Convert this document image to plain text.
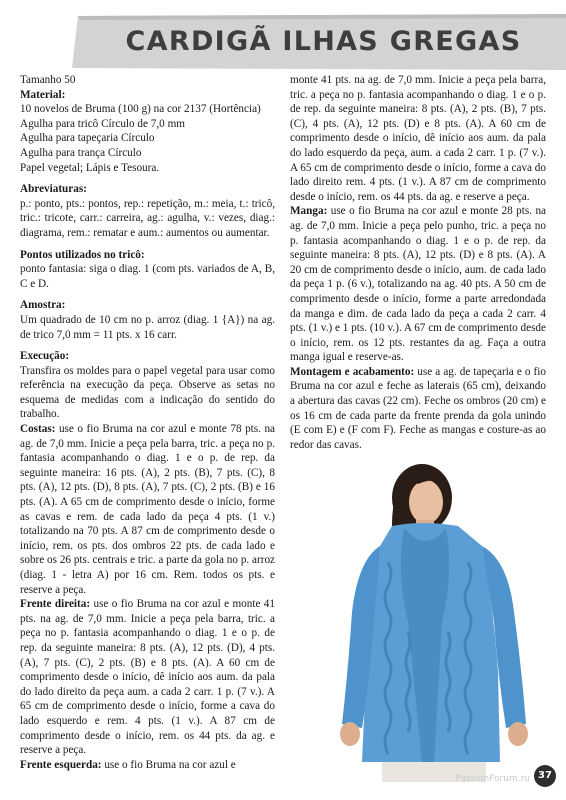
CARDIGÃ ILHAS GREGAS

Tamanho 50

Material:

10 novelos de Bruma (100 g) na cor 2137 (Hortência)

Agulha para tricô Círculo de 7,0 mm

Agulha para tapeçaria Círculo

Agulha para trança Círculo

Papel vegetal; Lápis e Tesoura.

Abreviaturas:

p.: ponto, pts.: pontos, rep.: repetição, m.: meia, t.: tricô, tric.: tricote, carr.: carreira, ag.: agulha, v.: vezes, diag.: diagrama, rem.: rematar e aum.: aumentos ou aumentar.

Pontos utilizados no tricô:

ponto fantasia: siga o diag. 1 (com pts. variados de A, B, C e D.

Amostra:

Um quadrado de 10 cm no p. arroz (diag. 1 {A}) na ag. de trico 7,0 mm = 11 pts. x 16 carr.

Execução:

Transfira os moldes para o papel vegetal para usar como referência na execução da peça. Observe as setas no esquema de medidas com a indicação do sentido do trabalho.

Costas: use o fio Bruma na cor azul e monte 78 pts. na ag. de 7,0 mm. Inicie a peça pela barra, tric. a peça no p. fantasia acompanhando o diag. 1 e o p. de rep. da seguinte maneira: 16 pts. (A), 2 pts. (B), 7 pts. (C), 8 pts. (A), 12 pts. (D), 8 pts. (A), 7 pts. (C), 2 pts. (B) e 16 pts. (A). A 65 cm de comprimento desde o início, forme as cavas e rem. de cada lado da peça 4 pts. (1 v.) totalizando na 70 pts. A 87 cm de comprimento desde o início, rem. os pts. dos ombros 22 pts. de cada lado e sobre os 26 pts. centrais e tric. a parte da gola no p. arroz (diag. 1 - letra A) por 16 cm. Rem. todos os pts. e reserve a peça.

Frente direita: use o fio Bruma na cor azul e monte 41 pts. na ag. de 7,0 mm. Inicie a peça pela barra, tric. a peça no p. fantasia acompanhando o diag. 1 e o p. de rep. da seguinte maneira: 8 pts. (A), 12 pts. (D), 4 pts. (A), 7 pts. (C), 2 pts. (B) e 8 pts. (A). A 60 cm de comprimento desde o início, dê início aos aum. da pala do lado direito da peça aum. a cada 2 carr. 1 p. (7 v.). A 65 cm de comprimento desde o início, forme a cava do lado esquerdo e rem. 4 pts. (1 v.). A 87 cm de comprimento desde o início, rem. os 44 pts. da ag. e reserve a peça.

Frente esquerda: use o fio Bruma na cor azul e

monte 41 pts. na ag. de 7,0 mm. Inicie a peça pela barra, tric. a peça no p. fantasia acompanhando o diag. 1 e o p. de rep. da seguinte maneira: 8 pts. (A), 2 pts. (B), 7 pts. (C), 4 pts. (A), 12 pts. (D) e 8 pts. (A). A 60 cm de comprimento desde o início, dê início aos aum. da pala do lado esquerdo da peça, aum. a cada 2 carr. 1 p. (7 v.). A 65 cm de comprimento desde o início, forme a cava do lado direito rem. 4 pts. (1 v.). A 87 cm de comprimento desde o início, rem. os 44 pts. da ag. e reserve a peça.

Manga: use o fio Bruma na cor azul e monte 28 pts. na ag. de 7,0 mm. Inicie a peça pelo punho, tric. a peça no p. fantasia acompanhando o diag. 1 e o p. de rep. da seguinte maneira: 8 pts. (A), 12 pts. (D) e 8 pts. (A). A 20 cm de comprimento desde o início, aum. de cada lado da peça 1 p. (6 v.), totalizando na ag. 40 pts. A 50 cm de comprimento desde o início, forme a parte arredondada da manga e dim. de cada lado da peça a cada 2 carr. 4 pts. (1 v.) e 1 pts. (10 v.). A 67 cm de comprimento desde o início, rem. os 12 pts. restantes da ag. Faça a outra manga igual e reserve-as.

Montagem e acabamento: use a ag. de tapeçaria e o fio Bruma na cor azul e feche as laterais (65 cm), deixando a abertura das cavas (22 cm). Feche os ombros (20 cm) e os 16 cm de cada parte da frente prenda da gola unindo (E com E) e (F com F). Feche as mangas e costure-as ao redor das cavas.

PassionForum.ru 37
